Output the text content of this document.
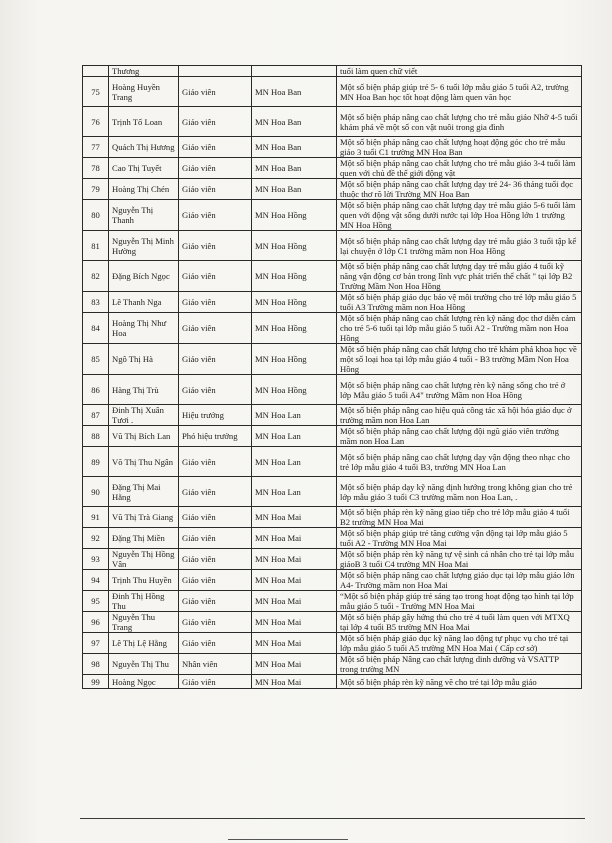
	Thương			tuổi làm quen chữ viết
75	Hoàng Huyền Trang	Giáo viên	MN Hoa Ban	Một số biện pháp giúp trẻ 5- 6 tuổi lớp mẫu giáo 5 tuổi A2, trường MN Hoa Ban học tốt hoạt động làm quen văn học
76	Trịnh Tố Loan	Giáo viên	MN Hoa Ban	Một số biện pháp nâng cao chất lượng cho trẻ mẫu giáo Nhỡ 4-5 tuổi khám phá về một số con vật nuôi trong gia đình
77	Quách Thị Hương	Giáo viên	MN Hoa Ban	Một số biện pháp nâng cao chất lượng hoạt động góc cho trẻ mẫu giáo 3 tuổi C1 trường MN Hoa Ban
78	Cao Thị Tuyết	Giáo viên	MN Hoa Ban	Một số biện pháp nâng cao chất lượng cho trẻ mẫu giáo 3-4 tuổi làm quen với chủ đề thế giới động vật
79	Hoàng Thị Chén	Giáo viên	MN Hoa Ban	Một số biện pháp nâng cao chất lượng dạy trẻ 24- 36 tháng tuổi đọc thuộc thơ rõ lời Trường MN Hoa Ban
80	Nguyễn Thị Thanh	Giáo viên	MN Hoa Hồng	Một số biện pháp nâng cao chất lượng dạy trẻ mẫu giáo 5-6 tuổi làm quen với động vật sống dưới nước tại lớp Hoa Hồng lớn 1 trường MN Hoa Hồng
81	Nguyễn Thị Minh Hường	Giáo viên	MN Hoa Hồng	Một số biện pháp nâng cao chất lượng dạy trẻ mẫu giáo 3 tuổi tập kể lại chuyện ở lớp C1 trường mầm non Hoa Hồng
82	Đặng Bích Ngọc	Giáo viên	MN Hoa Hồng	Một số biện pháp nâng cao chất lượng dạy trẻ mẫu giáo 4 tuổi kỹ năng vận động cơ bản trong lĩnh vực phát triển thể chất " tại lớp B2 Trường Mầm Non Hoa Hồng
83	Lê Thanh Nga	Giáo viên	MN Hoa Hồng	Một số biện pháp giáo dục bảo vệ môi trường cho trẻ lớp mẫu giáo 5 tuổi A3 Trường mầm non Hoa Hồng
84	Hoàng Thị Như Hoa	Giáo viên	MN Hoa Hồng	Một số biện pháp nâng cao chất lượng rèn kỹ năng đọc thơ diễn cảm cho trẻ 5-6 tuổi tại lớp mẫu giáo 5 tuổi A2 - Trường mầm non Hoa Hồng
85	Ngô Thị Hà	Giáo viên	MN Hoa Hồng	Một số biện pháp nâng cao chất lượng cho trẻ khám phá khoa học về một số loại hoa tại lớp mẫu giáo 4 tuổi - B3 trường Mầm Non Hoa Hồng
86	Hàng Thị Trù	Giáo viên	MN Hoa Hồng	Một số biện pháp nâng cao chất lượng rèn kỹ năng sống cho trẻ ở lớp Mẫu giáo 5 tuổi A4" trường Mầm non Hoa Hồng
87	Đinh Thị Xuân Tươi .	Hiệu trưởng	MN Hoa Lan	Một số biện pháp nâng cao hiệu quả công tác xã hội hóa giáo dục ở trường mầm non Hoa Lan
88	Vũ Thị Bích Lan	Phó hiệu trưởng	MN Hoa Lan	Một số biện pháp nâng cao chất lượng đội ngũ giáo viên trường mầm non Hoa Lan
89	Võ Thị Thu Ngân	Giáo viên	MN Hoa Lan	Một số biện pháp nâng cao chất lượng dạy vận động theo nhạc cho trẻ lớp mẫu giáo 4 tuổi B3, trường MN Hoa Lan
90	Đặng Thị Mai Hằng	Giáo viên	MN Hoa Lan	Một số biện pháp dạy kỹ năng định hướng trong không gian cho trẻ lớp mẫu giáo 3 tuổi C3 trường mầm non Hoa Lan, .
91	Vũ Thị Trà Giang	Giáo viên	MN Hoa Mai	Một số biện pháp rèn kỹ năng giao tiếp cho trẻ lớp mẫu giáo 4 tuổi B2 trường MN Hoa Mai
92	Đặng Thị Miền	Giáo viên	MN Hoa Mai	Một số biện pháp giúp trẻ tăng cường vận động tại lớp mẫu giáo 5 tuổi A2 - Trường MN Hoa Mai
93	Nguyễn Thị Hồng Vân	Giáo viên	MN Hoa Mai	Một số biện pháp rèn kỹ năng tự vệ sinh cá nhân cho trẻ tại lớp mẫu giáoB 3 tuổi C4 trường MN Hoa Mai
94	Trịnh Thu Huyền	Giáo viên	MN Hoa Mai	Một số biện pháp nâng cao chất lượng giáo dục tại lớp mẫu giáo lớn A4- Trường mầm non Hoa Mai
95	Đinh Thị Hồng Thu	Giáo viên	MN Hoa Mai	“Một số biện pháp giúp trẻ sáng tạo trong hoạt động tạo hình tại lớp mẫu giáo 5 tuổi - Trường MN Hoa Mai
96	Nguyễn Thu Trang	Giáo viên	MN Hoa Mai	Một số biện pháp gây hứng thú cho trẻ 4 tuổi làm quen với MTXQ tại lớp 4 tuổi B5 trường MN Hoa Mai
97	Lê Thị Lệ Hằng	Giáo viên	MN Hoa Mai	Một số biện pháp giáo dục kỹ năng lao động tự phục vụ cho trẻ tại lớp mẫu giáo 5 tuổi A5 trường MN Hoa Mai ( Cấp cơ sở)
98	Nguyễn Thị Thu	Nhân viên	MN Hoa Mai	Một số biện pháp Nâng cao chất lượng dinh dưỡng và VSATTP trong trường MN
99	Hoàng Ngọc	Giáo viên	MN Hoa Mai	Một số biện pháp rèn kỹ năng vẽ cho trẻ tại lớp mẫu giáo
